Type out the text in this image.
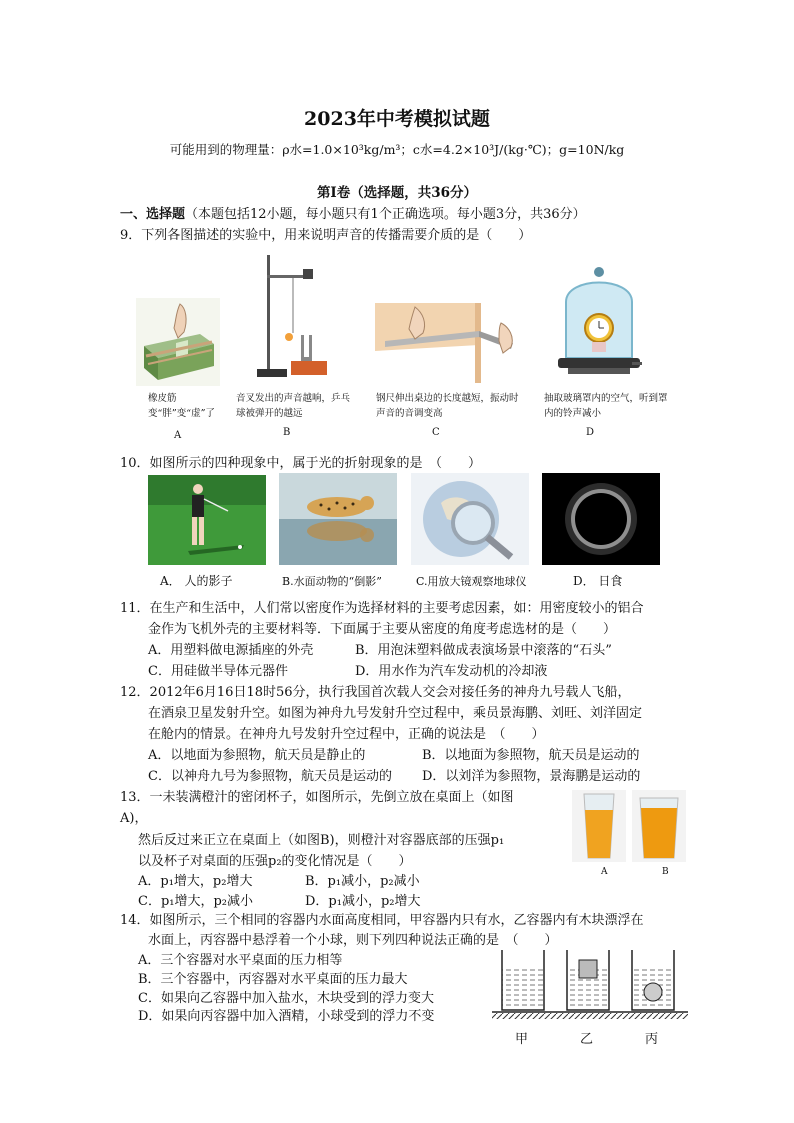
2023年中考模拟试题
可能用到的物理量：ρ水=1.0×10³kg/m³；c水=4.2×10³J/(kg·℃)；g=10N/kg
第Ⅰ卷（选择题，共36分）
一、选择题（本题包括12小题，每小题只有1个正确选项。每小题3分，共36分）
9．下列各图描述的实验中，用来说明声音的传播需要介质的是（　　）
橡皮筋变“胖”变“虚”了
A
音叉发出的声音越响，乒乓球被弹开的越远
B
钢尺伸出桌边的长度越短，振动时声音的音调变高
C
抽取玻璃罩内的空气，听到罩内的铃声减小
D
10．如图所示的四种现象中，属于光的折射现象的是　（　　）
A． 人的影子	B.水面动物的“倒影”	C.用放大镜观察地球仪	D． 日食
11．在生产和生活中，人们常以密度作为选择材料的主要考虑因素，如：用密度较小的铝合
金作为飞机外壳的主要材料等．下面属于主要从密度的角度考虑选材的是（　　）
A．用塑料做电源插座的外壳	B．用泡沫塑料做成表演场景中滚落的“石头”
C．用硅做半导体元器件	D．用水作为汽车发动机的冷却液
12．2012年6月16日18时56分，执行我国首次载人交会对接任务的神舟九号载人飞船，
在酒泉卫星发射升空。如图为神舟九号发射升空过程中，乘员景海鹏、刘旺、刘洋固定
在舱内的情景。在神舟九号发射升空过程中，正确的说法是　（　　）
A．以地面为参照物，航天员是静止的	B．以地面为参照物，航天员是运动的
C．以神舟九号为参照物，航天员是运动的 D．以刘洋为参照物，景海鹏是运动的
13．一未装满橙汁的密闭杯子，如图所示，先倒立放在桌面上（如图
A)，
然后反过来正立在桌面上（如图B)，则橙汁对容器底部的压强p₁
以及杯子对桌面的压强p₂的变化情况是（　　）
A．p₁增大，p₂增大	B．p₁减小，p₂减小
C．p₁增大，p₂减小	D．p₁减小，p₂增大
A	B
14．如图所示，三个相同的容器内水面高度相同，甲容器内只有水，乙容器内有木块漂浮在
水面上，丙容器中悬浮着一个小球，则下列四种说法正确的是　（　　）
A．三个容器对水平桌面的压力相等
B．三个容器中，丙容器对水平桌面的压力最大
C．如果向乙容器中加入盐水，木块受到的浮力变大
D．如果向丙容器中加入酒精，小球受到的浮力不变
甲	乙	丙
